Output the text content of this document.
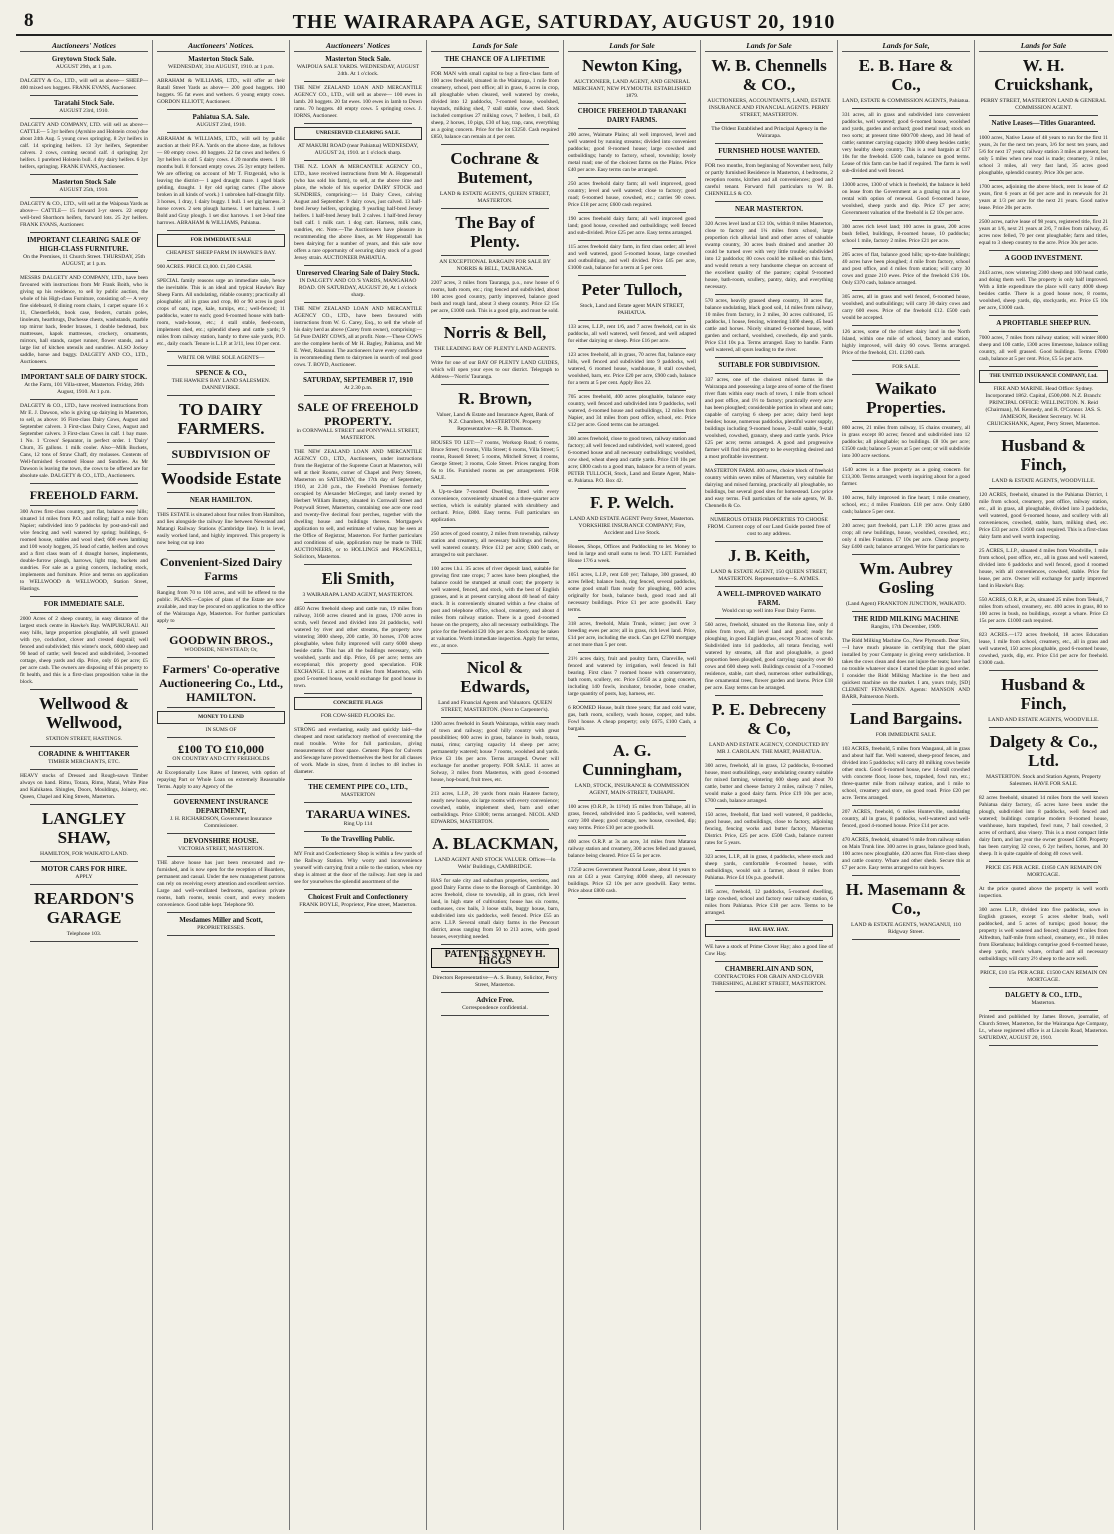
8	THE WAIRARAPA AGE, SATURDAY, AUGUST 20, 1910
Auctioneers' Notices
Greytown Stock Sale.
AUGUST 29th, at 1 p.m.

DALGETY & Co., LTD., will sell as above— SHEEP— 400 mixed sex hoggets. FRANK EVANS, Auctioneer.

Taratahi Stock Sale.
AUGUST 23rd, 1910.

DALGETY AND COMPANY, LTD. will sell as above— CATTLE— 5 3yr heifers (Ayrshire and Holstein cross) due about 24th Aug. 5 young cows springing. 8 2yr heifers in calf. 14 springing heifers. 13 3yr heifers, September calvers. 2 cows, coming second calf. 4 springing 2yr heifers. 1 purebred Holstein bull. 4 dry dairy heifers. 6 3yr heifers, springing. FRANK EVANS, Auctioneer.

Masterton Stock Sale
AUGUST 25th, 1910.

DALGETY & CO., LTD., will sell at the Waipoua Yards as above— CATTLE— 15 forward 3-yr steers. 22 empty well-bred Shorthorn heifers, forward lots. 25 2yr heifers. FRANK EVANS, Auctioneer.

IMPORTANT CLEARING SALE OF HIGH-CLASS FURNITURE.
On the Premises, 11 Church Street. THURSDAY, 25th AUGUST, at 1 p.m.

MESSRS DALGETY AND COMPANY, LTD., have been favoured with instructions from Mr Frank Boith, who is giving up his residence, to sell by public auction, the whole of his High-class Furniture, consisting of:— A very fine sideboard, 8 dining room chairs, 1 carpet square 16 x 11, Chesterfields, book case, fenders, curtain poles, linoleum, hearthrugs, Duchesse chests, washstands, marble top mirror back, fender brasses, 1 double bedstead, box mattresses, kapok mattresses, crockery, ornaments, mirrors, hall stands, carpet runner, flower stands, and a large list of kitchen utensils and sundries. ALSO Jockey saddle, horse and buggy. DALGETY AND CO., LTD., Auctioneers.

IMPORTANT SALE OF DAIRY STOCK.
At the Farm, 101 Villa-street, Masterton. Friday, 26th August, 1910. At 1 p.m.

DALGETY & CO., LTD., have received instructions from Mr E. J. Dawson, who is giving up dairying in Masterton, to sell, as above: 16 First-class Dairy Cows, August and September calvers. 3 First-class Dairy Cows, August and September calvers. 3 First-class Cows in calf. 1 bay mare. 1 No. 1 'Crown' Separator, in perfect order. 1 'Dairy' Churn, 35 gallons. 1 milk cooler. Also—Milk Buckets, Cans, 12 tons of Straw Chaff, dry molasses. Contents of Well-furnished 6-roomed House and Sundries. As Mr Dawson is leaving the town, the cows to be offered are for absolute sale. DALGETY & CO., LTD., Auctioneers.

FREEHOLD FARM.

300 Acres first-class country, part flat, balance easy hills; situated 14 miles from P.O. and rolling; half a mile from Napier; subdivided into 9 paddocks by post-and-rail and wire fencing and well watered by spring; buildings, 6-roomed house, stables and wool shed; 600 ewes lambing and 100 wooly hoggets, 25 head of cattle, heifers and cows and a first class team of 4 draught horses, implements, double-furrow plough, harrows, light trap, buckets and sundries. For sale as a going concern, including stock, implements and furniture. Price and terms on application to WELLWOOD & WELLWOOD, Station Street, Hastings.

FOR IMMEDIATE SALE.

2000 Acres of 2 sheep country, in easy distance of the largest stock centre in Hawke's Bay. WAIPUKURAU. All easy hills, large proportion ploughable, all well grassed with rye, cocksfoot, clover and crested dogstail; well fenced and subdivided; this winter's stock, 6000 sheep and 90 head of cattle; well fenced and subdivided, 3-roomed cottage, sheep yards and dip. Price, only £6 per acre; £5 per acre cash. The owners are disposing of this property to fit health, and this is a first-class proposition value in the block.

Wellwood & Wellwood,
STATION STREET, HASTINGS.
CORADINE & WHITTAKER
TIMBER MERCHANTS, ETC.

HEAVY stocks of Dressed and Rough-sawn Timber always on hand. Rimu, Totara, Rimu, Matai, White Pine and Kahikatea. Shingles, Doors, Mouldings, Joinery, etc. Queen, Chapel and King Streets, Masterton.

LANGLEY SHAW,
HAMILTON, FOR WAIKATO LAND.
MOTOR CARS FOR HIRE.
APPLY
REARDON'S GARAGE
Telephone 103.
Auctioneers' Notices.
Masterton Stock Sale.
WEDNESDAY, 31st AUGUST, 1910. at 1 p.m.

ABRAHAM & WILLIAMS, LTD., will offer at their Ratall Street Yards as above— 200 good hoggets. 100 hoggets. 95 fat ewes and wethers. 6 young empty cows. GORDON ELLIOTT, Auctioneer.

Pahiatua S.A. Sale.
AUGUST 23rd, 1910.

ABRAHAM & WILLIAMS, LTD., will sell by public auction at their P.F.A. Yards on the above date, as follows— 80 empty cows. 40 hoggets. 22 fat cows and heifers. 6 3yr heifers in calf. 5 dairy cows. 4 20 months steers. 1 18 months bull. 8 forward empty cows. 25 3yr empty heifers. We are offering on account of Mr T. Fitzgerald, who is leaving the district— 1 aged draught mare. 1 aged black gelding, draught. 1 8yr old spring carter. (The above broken in all kinds of work.) 1 unbroken half-draught filly. 3 horses, 1 dray, 1 dairy buggy. 1 bull. 1 set gig harness. 3 horse covers. 2 sets plough harness. 1 set harness. 1 sett Bold and Gray plough. 1 set disc harrows. 1 set 3-leaf tine harrows. ABRAHAM & WILLIAMS, Pahiatua.

FOR IMMEDIATE SALE
CHEAPEST SHEEP FARM IN HAWKE'S BAY.

900 ACRES. PRICE £3,000. £1,500 CASH.

SPECIAL family reasons urge an immediate sale, hence the inevitable. This is an ideal and typical Hawke's Bay Sheep Farm. All undulating, ridable country; practically all ploughable; all in grass and crop, 80 or 90 acres in good crops of oats, rape, kale, turnips, etc.; well-fenced; 11 paddocks, water to each; good 6-roomed house with bath-room, wash-house, etc.; 4 stall stable, feed-room, implement shed, etc.; splendid sheep and cattle yards; 9 miles from railway station, handy to three sale yards, P.O. etc., daily coach. Tenure is L.I.P. at 3/11, less 10 per cent.

WRITE OR WIRE SOLE AGENTS—
SPENCE & CO.,
THE HAWKE'S BAY LAND SALESMEN. DANNEVIRKE.
TO DAIRY FARMERS.
SUBDIVISION OF
Woodside Estate
NEAR HAMILTON.

THIS ESTATE is situated about four miles from Hamilton, and lies alongside the railway line between Newstead and Matangi Railway Stations (Cambridge line). It is level, easily worked land, and highly improved. This property is now being cut up into

Convenient-Sized Dairy Farms

Ranging from 70 to 100 acres, and will be offered to the public. PLANS.—Copies of plans of the Estate are now available, and may be procured on application to the office of the Wairarapa Age, Masterton. For further particulars apply to

GOODWIN BROS.,
WOODSIDE, NEWSTEAD; Or,
Farmers' Co-operative Auctioneering Co., Ltd., HAMILTON.
MONEY TO LEND
IN SUMS OF
£100 TO £10,000
ON COUNTRY AND CITY FREEHOLDS

At Exceptionally Low Rates of Interest, with option of repaying Part or Whole Loan on extremely Reasonable Terms. Apply to any Agency of the

GOVERNMENT INSURANCE DEPARTMENT,
J. H. RICHARDSON, Government Insurance Commissioner.
DEVONSHIRE HOUSE.
VICTORIA STREET, MASTERTON.

THE above house has just been renovated and re-furnished, and is now open for the reception of Boarders, permanent and casual. Under the new management patrons can rely on receiving every attention and excellent service. Large and well-ventilated bedrooms, spacious private rooms, bath rooms, tennis court, and every modern convenience. Good table kept. Telephone 90.

Mesdames Miller and Scott,
PROPRIETRESSES.
Auctioneers' Notices
Masterton Stock Sale.
WAIPOUA SALE YARDS. WEDNESDAY, AUGUST 24th. At 1 o'clock.

THE NEW ZEALAND LOAN AND MERCANTILE AGENCY CO., LTD., will sell as above— 100 ewes in lamb. 20 hoggets. 20 fat ewes. 100 ewes in lamb to Down rams. 70 hoggets. 40 empty cows. 5 springing cows. J. IORNS, Auctioneer.

UNRESERVED CLEARING SALE.
AT MAKURI ROAD (near Pahiatua) WEDNESDAY, AUGUST 24, 1910. at 1 o'clock sharp.

THE N.Z. LOAN & MERCANTILE AGENCY CO., LTD., have received instructions from Mr A. Hoppenstall (who has sold his farm), to sell, at the above time and place, the whole of his superior DAIRY STOCK and SUNDRIES, comprising:— 14 Dairy Cows, calving August and September. 9 dairy cows, just calved. 13 half-bred Jersey heifers, springing. 9 yearling half-bred Jersey heifers. 1 half-bred Jersey bull. 2 calves. 1 half-bred Jersey bull calf. 1 milk cart. 1 dog cart. Harness, milk cans, sundries, etc. Note.—The Auctioneers have pleasure in recommending the above lines, as Mr Hoppenstall has been dairying for a number of years, and this sale now offers a rare opportunity of securing dairy stock of a good Jersey strain. AUCTIONEER PAHIATUA.

Unreserved Clearing Sale of Dairy Stock.
IN DALGETY AND CO.'S YARDS, MANGAHAO ROAD. ON SATURDAY, AUGUST 20, At 1 o'clock sharp.

THE NEW ZEALAND LOAN AND MERCANTILE AGENCY CO., LTD., have been favoured with instructions from W. G. Carey, Esq., to sell the whole of his dairy herd as above (Carey from owner), comprising:— 54 Pure DAIRY COWS, all at profit. Note.—These COWS are the complete herds of Mr H. Bagley, Pahiatua, and Mr E. West, Rakaunui. The auctioneers have every confidence in recommending them to dairymen in search of real good cows. T. BOYD, Auctioneer.

SATURDAY, SEPTEMBER 17, 1910
At 2.30 p.m.
SALE OF FREEHOLD PROPERTY.
in CORNWALL STREET and PONYWALL STREET, MASTERTON.

THE NEW ZEALAND LOAN AND MERCANTILE AGENCY CO., LTD., Auctioneers, under instructions from the Registrar of the Supreme Court at Masterton, will sell at their Rooms, corner of Chapel and Perry Streets, Masterton on SATURDAY, the 17th day of September, 1910, at 2.30 p.m., the Freehold Premises formerly occupied by Alexander McGregor, and lately owned by Herbert William Buttery, situated in Cornwall Street and Ponywall Street, Masterton, containing one acre one rood and twenty-five decimal four perches, together with the dwelling house and buildings thereon. Mortgagee's application to sell, and estimate of value, may be seen at the Office of Registrar, Masterton. For further particulars and conditions of sale, application may be made to THE AUCTIONEERS, or to HOLLINGS and PRAGNELL, Solicitors, Masterton.

Eli Smith,
3 WAIRARAPA LAND AGENT, MASTERTON.

4850 Acres freehold sheep and cattle run, 19 miles from railway, 3160 acres cleared and in grass, 1700 acres in scrub, well fenced and divided into 24 paddocks, well watered by river and other streams, the property now wintering 3000 sheep, 200 cattle, 30 horses, 1700 acres ploughable, when fully improved will carry 6000 sheep beside cattle. This has all the buildings necessary, with woolshed, yards and dip. Price, £6 per acre; terms are exceptional; this property good speculation. FOR EXCHANGE. 11 acres at 8 miles from Masterton, with good 5-roomed house, would exchange for good house in town.

CONCRETE FLAGS
FOR COW-SHED FLOORS Etc.

STRONG and everlasting, easily and quickly laid—the cheapest and most satisfactory method of overcoming the mud trouble. Write for full particulars, giving measurements of floor space. Cement Pipes for Culverts and Sewage have proved themselves the best for all classes of work. Made in sizes, from 4 inches to 48 inches in diameter.

THE CEMENT PIPE CO., LTD.,
MASTERTON
TARARUA WINES.
Ring Up 114
To the Travelling Public.

MY Fruit and Confectionery Shop is within a few yards of the Railway Station. Why worry and inconvenience yourself with carrying fruit a mile to the station, when my shop is almost at the door of the railway. Just step in and see for yourselves the splendid assortment of the

Choicest Fruit and Confectionery
FRANK BOYLE, Proprietor, Pine street, Masterton.
Lands for Sale
THE CHANCE OF A LIFETIME

FOR MAN with small capital to buy a first-class farm of 100 acres freehold, situated in the Wairarapa, 1 mile from creamery, school, post office; all in grass, 6 acres in crop, all ploughable when cleared, well watered by creeks, divided into 12 paddocks, 7-roomed house, woolshed, haystack, milking shed, 7 stall stable, cow shed. Stock included comprises 27 milking cows, 7 heifers, 1 bull, 43 sheep, 2 horses, 10 pigs, £30 of hay, trap, cans, everything as a going concern. Price for the lot £3250. Cash required £850, balance can remain at 4 per cent.

Cochrane & Butement,
LAND & ESTATE AGENTS, QUEEN STREET, MASTERTON.
The Bay of Plenty.
AN EXCEPTIONAL BARGAIN FOR SALE BY NORRIS & BELL, TAURANGA.

2207 acres, 3 miles from Tauranga, p.o., now house of 6 rooms, bath room, etc.; ring fenced and subdivided, about 100 acres good country, partly improved, balance good bush and rough land, about 3 sheep country. Price £2 15s per acre, £1000 cash. This is a good grip, and must be sold.

Norris & Bell,
THE LEADING BAY OF PLENTY LAND AGENTS.

Write for one of our BAY OF PLENTY LAND GUIDES, which will open your eyes to our district. Telegraph to Address—'Norris' Tauranga.

R. Brown,
Valuer, Land & Estate and Insurance Agent, Bank of N.Z. Chambers, MASTERTON. Property Representative:—R. B. Thomson.

HOUSES TO LET:—7 rooms, Worksop Road; 6 rooms, Bruce Street; 6 rooms, Villa Street; 6 rooms, Villa Street; 5 rooms, Russell Street; 5 rooms, Mitchell Street; 4 rooms, George Street; 3 rooms, Cole Street. Prices ranging from 6s to 16s. Furnished rooms as per arrangement. FOR SALE.

A Up-to-date 7-roomed Dwelling, fitted with every convenience, conveniently situated on a three-quarter acre section, which is suitably planted with shrubbery and orchard. Price, £800. Easy terms. Full particulars on application.

250 acres of good country, 2 miles from township, railway station and creamery, all necessary buildings and fences, well watered country. Price £12 per acre; £600 cash, or arranged to suit purchaser.

100 acres l.h.i. 35 acres of river deposit land, suitable for growing first rate crops; 7 acres have been ploughed, the balance could be stumped at small cost; the property is well watered, fenced, and stock, with the best of English grasses, and is at present carrying about 40 head of dairy stock. It is conveniently situated within a few chains of post and telephone office, school, creamery, and about 4 miles from railway station. There is a good 4-roomed house on the property, also all necessary outbuildings. The price for the freehold £20 10s per acre. Stock may be taken at valuation. Worth immediate inspection. Apply for terms, etc., at once.

Nicol & Edwards,
Land and Financial Agents and Valuators. QUEEN STREET, MASTERTON. (Next to Carpenter's).

1200 acres freehold in South Wairarapa, within easy reach of town and railway; good hilly country with great possibilities; 600 acres in grass, balance in bush, totara, matai, rimu; carrying capacity 14 sheep per acre; permanently watered; house 7 rooms, woolshed and yards. Price £3 10s per acre. Terms arranged. Owner will exchange for another property. FOR SALE. 11 acres at Solway, 3 miles from Masterton, with good 4-roomed house, hop-board, fruit trees, etc.

213 acres, L.I.P., 20 yards from main Hautere factory, nearly new house, six large rooms with every convenience; cowshed, stable, implement shed, barn and other outbuildings. Price £1800; terms arranged. NICOL AND EDWARDS, MASTERTON.

A. BLACKMAN,
LAND AGENT AND STOCK VALUER. Offices—In Wells' Buildings, CAMBRIDGE.

HAS for sale city and suburban properties, sections, and good Dairy Farms close to the Borough of Cambridge. 30 acres freehold, close to township, all in grass, rich level land, in high state of cultivation; house has six rooms, outhouses, cow bails, 3 loose stalls, buggy house, barn, subdivided into six paddocks, well fenced. Price £55 an acre. L.I.P. Several small dairy farms in the Pencourt district, areas ranging from 50 to 213 acres, with good houses, everything needed.

PATENTS SYDNEY H. HIGGS
Directors Representative—A. S. Bunny, Solicitor, Perry Street, Masterton.
Advice Free.
Correspondence confidential.
Lands for Sale
Newton King,
AUCTIONEER, LAND AGENT, AND GENERAL MERCHANT, NEW PLYMOUTH. ESTABLISHED 1879.
CHOICE FREEHOLD TARANAKI DAIRY FARMS.

200 acres, Waimate Plains; all well improved, level and well watered by running streams; divided into convenient paddocks; good 8-roomed house; large cowshed and outbuildings; handy to factory, school, township; lovely metal road; one of the choicest farms on the Plains. Price £40 per acre. Easy terms can be arranged.

250 acres freehold dairy farm; all well improved, good country; level and well watered; close to factory; good road; 6-roomed house, cowshed, etc.; carries 90 cows. Price £18 per acre; £600 cash required.

190 acres freehold dairy farm; all well improved good land; good house, cowshed and outbuildings; well fenced and sub-divided. Price £25 per acre. Easy terms arranged.

115 acres freehold dairy farm, in first class order; all level and well watered, good 5-roomed house, large cowshed and outbuildings, and well divided. Price £45 per acre, £1000 cash, balance for a term at 5 per cent.

Peter Tulloch,
Stock, Land and Estate agent MAIN STREET, PAHIATUA.

133 acres, L.I.P., rent 1/6, and 7 acres freehold, cut in six paddocks, all well watered, well fenced, and well adapted for either dairying or sheep. Price £16 per acre.

123 acres freehold, all in grass, 70 acres flat, balance easy hills, well fenced and subdivided into 9 paddocks, well watered, 6 roomed house, washhouse, 8 stall cowshed, woolshed, barn, etc. Price £20 per acre, £900 cash, balance for a term at 5 per cent. Apply Box 22.

705 acres freehold, 400 acres ploughable, balance easy country, well fenced and subdivided into 9 paddocks, well watered, 4-roomed house and outbuildings, 12 miles from Napier, and 34 miles from post office, school, etc. Price £12 per acre. Good terms can be arranged.

300 acres freehold, close to good town, railway station and factory; all well fenced and subdivided, well watered, good 6-roomed house and all necessary outbuildings; woolshed, cow shed, wheat sheep and cattle yards. Price £10 10s per acre; £800 cash to a good man, balance for a term of years. PETER TULLOCH, Stock, Land and Estate Agent, Main-st. Pahiatua. P.O. Box 42.

F. P. Welch.
LAND AND ESTATE AGENT Perry Street, Masterton. YORKSHIRE INSURANCE COMPANY; Fire, Accident and Live Stock.

Houses, Shops, Offices and Paddocking to let. Money to lend in large and small sums to lend. TO LET. Furnished House 17/6 a week.

1051 acres, L.I.P., rent £40 yer; Taihape, 300 grassed, 40 acres felled; balance bush, ring fenced, several paddocks, some good small flats ready for ploughing, 600 acres originally for bush, balance bush, good road and all necessary buildings. Price £1 per acre goodwill. Easy terms.

318 acres, freehold, Main Trunk, winter; just over 3 breeding ewes per acre; all in grass, rich level land. Price, £14 per acre, including the stock. Can get £2700 mortgage at not more than 5 per cent.

21½ acres dairy, fruit and poultry farm, Clareville, well fenced and watered by irrigation, well fenced in full bearing. First class 7 roomed house with conservatory, bath room, scullery, etc. Price £1650 as a going concern, including 140 fowls, incubator, brooder, bone crusher, large quantity of posts, hay, harness, etc.

6 ROOMED House, built three years; flat and cold water, gas, bath room, scullery, wash house, copper, and tubs. Fowl house. A cheap property; only £675, £100 Cash, a bargain.

A. G. Cunningham,
LAND, STOCK, INSURANCE & COMMISSION AGENT, MAIN-STREET, TAIHAPE.

100 acres (O.R.P., 3s 11½d) 15 miles from Taihape, all in grass, fenced, subdivided into 5 paddocks, well watered, carry 300 sheep; good cottage, new house, cowshed, dip; easy terms. Price £10 per acre goodwill.

400 acres O.R.P. at 3s an acre, 34 miles from Mataroa railway station and creamery, 300 acres felled and grassed, balance being cleared. Price £5 5s per acre.

17250 acres Government Pastoral Lease, about 14 years to run at £43 a year. Carrying 4000 sheep, all necessary buildings. Price £2 10s per acre goodwill. Easy terms. Price about £800 cash.

Lands for Sale
W. B. Chennells & CO.,
AUCTIONEERS, ACCOUNTANTS, LAND, ESTATE INSURANCE AND FINANCIAL AGENTS. PERRY STREET, MASTERTON.
The Oldest Established and Principal Agency in the Wairarapa.
FURNISHED HOUSE WANTED.

FOR two months, from beginning of November next, fully or partly furnished Residence in Masterton, 4 bedrooms, 2 reception rooms, kitchen and all conveniences; good and careful tenant. Forward full particulars to W. B. CHENNELLS & CO.

NEAR MASTERTON.

320 Acres level land at £13 10s, within 8 miles Masterton, close to factory and 1¼ miles from school, large proportion rich alluvial land and other acres of valuable swamp country, 30 acres bush drained and another 20 could be turned over with very little trouble; subdivided into 12 paddocks; 80 cows could be milked on this farm, and would return a very handsome cheque on account of the excellent quality of the pasture; capital 9-roomed house, bath-room, scullery, pantry, dairy, and everything necessary.

570 acres, heavily grassed sheep country, 10 acres flat, balance undulating, black good soil, 14 miles from railway, 10 miles from factory, in 2 miles, 30 acres cultivated, 15 paddocks, 1 house, fencing, wintering 1400 sheep, 45 head cattle and horses. Nicely situated 6-roomed house, with garden and orchard, woolshed, cowsheds, dip and yards. Price £14 10s p.a. Terms arranged. Easy to handle. Farm well watered, all spurs leading to the river.

SUITABLE FOR SUBDIVISION.

337 acres, one of the choicest mixed farms in the Wairarapa and possessing a large area of some of the finest river flats within easy reach of town, 1 mile from school and post office, and 1½ to factory; practically every acre has been ploughed; considerable portion in wheat and oats; capable of carrying 6 sheep per acre; dairy herd kept besides; house, numerous paddocks, plentiful water supply, buildings including 9-roomed house, 2-stall stable, 9-stall woolshed, cowshed, granary, sheep and cattle yards. Price £25 per acre; terms arranged. A good and progressive farmer will find this property to be everything desired and a most profitable investment.

MASTERTON FARM. 400 acres, choice block of freehold country within seven miles of Masterton, very suitable for dairying and mixed farming, practically all ploughable, no buildings, but several good sites for homestead. Low price and easy terms. Full particulars of the sole agents, W. B. Chennells & Co.

NUMEROUS OTHER PROPERTIES TO CHOOSE FROM. Current copy of our Land Guide posted free of cost to any address.
J. B. Keith,
LAND & ESTATE AGENT, 150 QUEEN STREET, MASTERTON. Representative—S. AYMES.
A WELL-IMPROVED WAIKATO FARM.
Would cut up well into Four Dairy Farms.

560 acres, freehold, situated on the Rotorua line, only 4 miles from town, all level land and good; ready for ploughing, in good English grass, except 70 acres of scrub. Subdivided into 14 paddocks, all totara fencing, well watered by streams, all flat and ploughable, a good proportion been ploughed, good carrying capacity over 60 cows and 600 sheep well. Buildings consist of a 7-roomed residence, stable, cart shed, numerous other outbuildings, fine ornamental trees, flower garden and lawns. Price £18 per acre. Easy terms can be arranged.

P. E. Debreceny & Co,
LAND AND ESTATE AGENCY, CONDUCTED BY MR J. CAROLAN. THE MART, PAHIATUA.

300 acres, freehold, all in grass, 12 paddocks, 8-roomed house, most outbuildings, easy undulating country suitable for mixed farming, wintering 600 sheep and about 70 cattle, butter and cheese factory 2 miles, railway 7 miles, would make a good dairy farm. Price £19 10s per acre, £700 cash, balance arranged.

150 acres, freehold, flat land well watered, 8 paddocks, good house, and outbuildings, close to factory, adjoining fencing, fencing works and butter factory, Masterton District. Price, £25 per acre. £500 Cash, balance current rates for 5 years.

323 acres, L.I.P., all in grass, 4 paddocks, where stock and sheep yards, comfortable 6-roomed house, with outbuildings, would suit a farmer, about 8 miles from Pahiatua. Price £4 10s p.a. goodwill.

185 acres, freehold, 12 paddocks, 5-roomed dwelling, large cowshed, school and factory near railway station, 6 miles from Pahiatua. Price £18 per acre. Terms to be arranged.

HAY. HAY. HAY.

WE have a stock of Prime Clover Hay; also a good line of Cow Hay.

CHAMBERLAIN AND SON,
CONTRACTORS FOR GRAIN AND CLOVER THRESHING, ALBERT STREET, MASTERTON.
Lands for Sale,
E. B. Hare & Co.,
LAND, ESTATE & COMMISSION AGENTS, Pahiatua.

331 acres, all in grass and subdivided into convenient paddocks, well watered; good 6-roomed house, woolshed and yards, garden and orchard; good metal road; stock on two sorts; at present time 600/700 sheep, and 30 head of cattle; summer carrying capacity 1000 sheep besides cattle; very healthy sheep country. This is a real bargain at £17 10s for the freehold. £500 cash, balance on good terms. Lease of this farm can be had if required. The farm is well sub-divided and well fenced.

13000 acres, 1300 of which is freehold, the balance is held on lease from the Government as a grazing run at a low rental with option of renewal. Good 6-roomed house, woolshed, sheep yards and dip. Price £7 per acre; Government valuation of the freehold is £2 10s per acre.

300 acres rich level land; 100 acres in grass, 200 acres bush felled, buildings, 8-roomed house, 10 paddocks; school 1 mile, factory 2 miles. Price £21 per acre.

205 acres of flat, balance good hills; up-to-date buildings; 40 acres have been ploughed; 4 mile from factory, school and post office, and 4 miles from station; will carry 30 cows and graze 210 ewes. Price of the freehold £16 10s. Only £370 cash, balance arranged.

305 acres, all in grass and well fenced, 6-roomed house, woolshed, and outbuildings; will carry 30 dairy cows and carry 600 ewes. Price of the freehold £12. £500 cash would be accepted.

126 acres, some of the richest dairy land in the North Island, within one mile of school, factory and station, highly improved, will dairy 60 cows. Terms arranged. Price of the freehold, £31. £1200 cash.

FOR SALE.
Waikato Properties.

800 acres, 21 miles from railway, 15 chains creamery, all in grass except 80 acres; fenced and subdivided into 12 paddocks; all ploughable; no buildings. £8 10s per acre; £1500 cash; balance 5 years at 5 per cent; or will subdivide into 300 acre sections.

1540 acres is a fine property as a going concern for £13,300. Terms arranged; worth inquiring about for a good farmer.

100 acres, fully improved in fine heart; 1 mile creamery, school, etc.; 4 miles Frankton. £18 per acre. Only £400 cash; balance 5 per cent.

240 acres; part freehold, part L.I.P. 190 acres grass and crop; all new buildings, house, woolshed, cowshed, etc.; only 4 miles Frankton. £7 10s per acre. Cheap property. Say £400 cash; balance arranged. Write for particulars to

Wm. Aubrey Gosling
(Land Agent) FRANKTON JUNCTION, WAIKATO.
THE RIDD MILKING MACHINE
Rangitu, 17th December, 1909.

The Ridd Milking Machine Co., New Plymouth. Dear Sirs,—I have much pleasure in certifying that the plant installed by your Company is giving every satisfaction. It takes the cows clean and does not injure the teats; have had no trouble whatever since I started the plant in good order. I consider the Ridd Milking Machine is the best and quickest machine on the market. I am, yours truly, [SD] CLEMENT FENWARDEN. Agents: MANSON AND BARR, Palmerston North.

Land Bargains.
FOR IMMEDIATE SALE.

103 ACRES, freehold, 5 miles from Wanganui, all in grass and about half flat. Well watered, sheep-proof fences, and divided into 5 paddocks; will carry 40 milking cows beside other stock. Good 6-roomed house, new 14-stall cowshed with concrete floor, loose box, trapshed, fowl run, etc.; three-quarter mile from railway station, and 1 mile to school, creamery and store, on good road. Price £20 per acre. Terms arranged.

207 ACRES, freehold, 6 miles Hunterville, undulating country, all in grass, 8 paddocks, well-watered and well-fenced, good 4-roomed house. Price £14 per acre.

470 ACRES, freehold, situated ½ mile from railway station on Main Trunk line. 300 acres in grass, balance good bush, 100 acres now ploughable, 420 acres flat. First-class sheep and cattle country. Whare and other sheds. Secure this at £7 per acre. Easy terms arranged to suit buyers.

H. Masemann & Co.,
LAND & ESTATE AGENTS, WANGANUI, 110 Ridgway Street.
Lands for Sale
W. H. Cruickshank,
PERRY STREET, MASTERTON LAND & GENERAL COMMISSION AGENT.
Native Leases—Titles Guaranteed.

1000 acres, Native Lease of 48 years to run for the first 11 years, 2s for the next ten years, 3/6 for next ten years, and 5/6 for next 17 years; railway station 3 miles at present, but only 5 miles when new road is made; creamery, 3 miles, school 3 miles, all very fast land, 35 acres good ploughable, splendid country. Price 30s per acre.

1700 acres, adjoining the above block, rent 1s lease of 42 years, first 6 years at 6d per acre and in renewals for 21 years at 1/3 per acre for the next 21 years. Good native lease. Price 20s per acre.

2500 acres, native lease of 98 years, registered title, first 21 years at 1/6, next 21 years at 2/6, 7 miles from railway, 45 acres now felled, 70 per cent ploughable; farm and titles, equal to 3 sheep country to the acre. Price 30s per acre.

A GOOD INVESTMENT.

2443 acres, now wintering 2300 sheep and 100 head cattle, and doing them well. The property is only half improved. With a little expenditure the place will carry 4000 sheep besides cattle. There is a good house now, 8 rooms, woolshed, sheep yards, dip, stockyards, etc. Price £5 10s per acre, £1000 cash.

A PROFITABLE SHEEP RUN.

7000 acres, 7 miles from railway station; will winter 8000 sheep and 100 cattle, 1300 acres limestone, balance rolling country, all well grassed. Good buildings. Terms £7000 cash, balance at 5 per cent. Price, £5 5s per acre.

THE UNITED INSURANCE COMPANY, Ltd.
FIRE AND MARINE. Head Office: Sydney. Incorporated 1862. Capital, £500,000. N.Z. Branch: PRINCIPAL OFFICE: WELLINGTON. N. Reid (Chairman), M. Kennedy, and R. O'Connor. JAS. S. JAMESON, Resident Secretary. W. H. CRUICKSHANK, Agent, Perry Street, Masterton.
Husband & Finch,
LAND & ESTATE AGENTS, WOODVILLE.

120 ACRES, freehold, situated in the Pahiatua District, 1 mile from school, creamery, post office, railway station, etc., all in grass, all ploughable, divided into 3 paddocks, well watered, good 6-roomed house, and scullery with all conveniences, cowshed, stable, barn, milking shed, etc. Price £33 per acre. £1600 cash required. This is a first-class dairy farm and well worth inspecting.

25 ACRES, L.I.P., situated 4 miles from Woodville, 1 mile from school, post office, etc., all in grass and well watered, divided into 6 paddocks and well fenced, good 4 roomed house, with all conveniences, cowshed, stable. Price for lease, per acre. Owner will exchange for partly improved land in Hawke's Bay.

550 ACRES, O.R.P., at 2s, situated 25 miles from Tekuiti, 7 miles from school, creamery, etc. 400 acres in grass, 80 to 100 acres in bush, no buildings, except a whare. Price £3 15s per acre. £1000 cash required.

823 ACRES.—172 acres freehold, 18 acres Education lease, 1 mile from school, creamery, etc., all in grass and well watered, 150 acres ploughable, good 6-roomed house, cowshed, yards, dip, etc. Price £14 per acre for freehold. £1000 cash.

Husband & Finch,
LAND AND ESTATE AGENTS, WOODVILLE.
Dalgety & Co., Ltd.
MASTERTON. Stock and Station Agents, Property Salesmen. HAVE FOR SALE.

82 acres freehold, situated 14 miles from the well known Pahiatua dairy factory, 45 acres have been under the plough, subdivided into 8 paddocks, well fenced and watered; buildings comprise modern 8-roomed house, washhouse, barn trapshed, fowl runs, 7 bail cowshed, 3 acres of orchard, also vinery. This is a most compact little dairy farm, and last year the owner grossed £300. Property has been carrying 32 cows, 6 2yr heifers, horses, and 30 sheep. It is quite capable of doing 40 cows well.

PRICE £35 PER ACRE. £1850 CAN REMAIN ON MORTGAGE.

At the price quoted above the property is well worth inspection.

300 acres L.I.P., divided into five paddocks, sown in English grasses, except 5 acres shelter bush, well paddocked, and 5 acres of turnips; good house; the property is well watered and fenced; situated 9 miles from Alfredton, half-mile from school, creamery, etc., 10 miles from Eketahuna; buildings comprise good 6-roomed house, sheep yards, men's whare, orchard and all necessary outbuildings; will carry 2½ sheep to the acre well.

PRICE, £10 15s PER ACRE. £1500 CAN REMAIN ON MORTGAGE.
DALGETY & CO., LTD.,
Masterton.

Printed and published by James Brown, journalist, of Church Street, Masterton, for the Wairarapa Age Company, Lt., whose registered office is at Lincoln Road, Masterton. SATURDAY, AUGUST 20, 1910.
